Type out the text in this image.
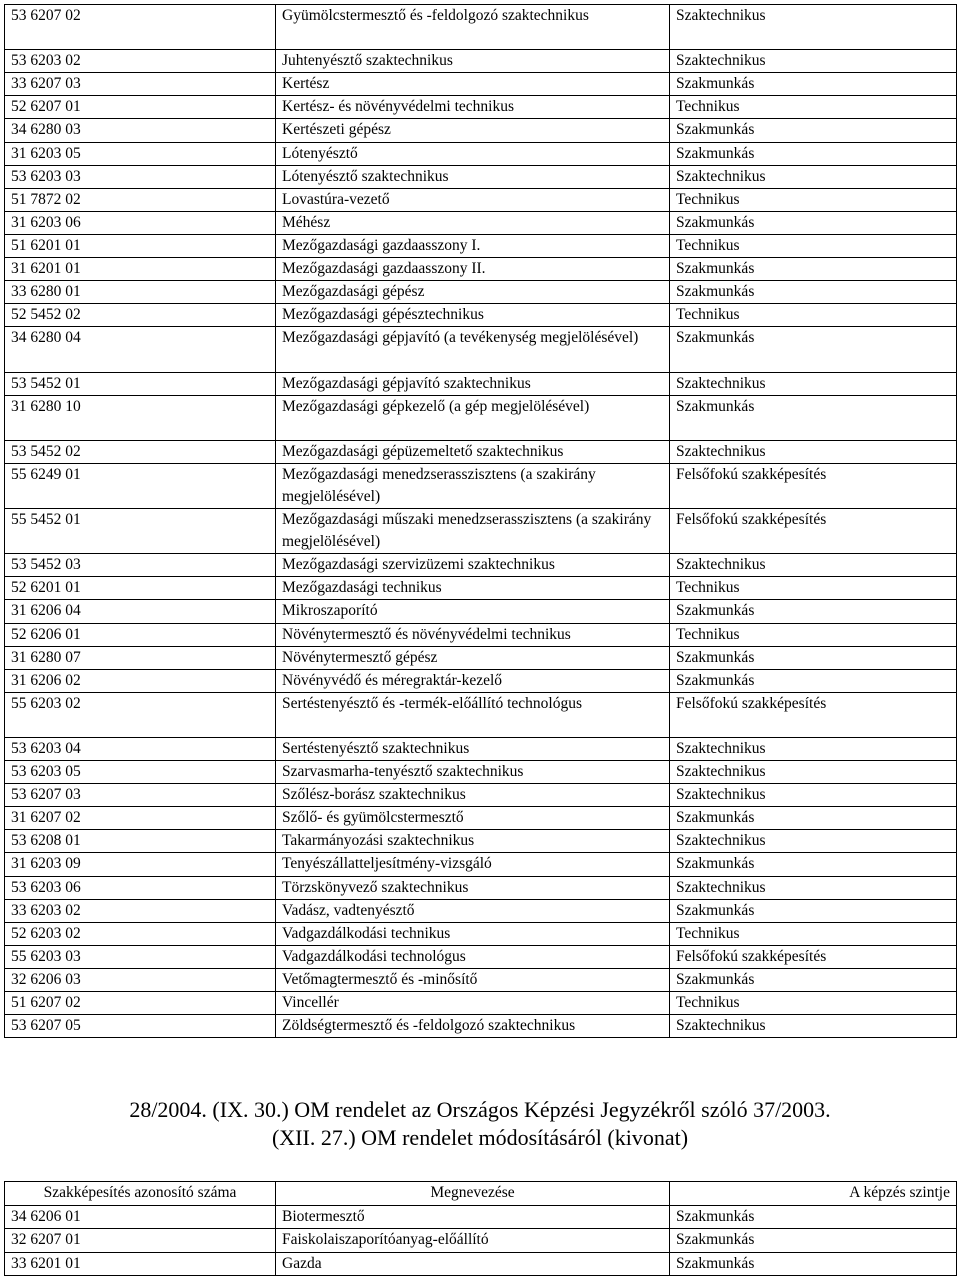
53 6207 02	Gyümölcstermesztő és -feldolgozó szaktechnikus	Szaktechnikus
53 6203 02	Juhtenyésztő szaktechnikus	Szaktechnikus
33 6207 03	Kertész	Szakmunkás
52 6207 01	Kertész- és növényvédelmi technikus	Technikus
34 6280 03	Kertészeti gépész	Szakmunkás
31 6203 05	Lótenyésztő	Szakmunkás
53 6203 03	Lótenyésztő szaktechnikus	Szaktechnikus
51 7872 02	Lovastúra-vezető	Technikus
31 6203 06	Méhész	Szakmunkás
51 6201 01	Mezőgazdasági gazdaasszony I.	Technikus
31 6201 01	Mezőgazdasági gazdaasszony II.	Szakmunkás
33 6280 01	Mezőgazdasági gépész	Szakmunkás
52 5452 02	Mezőgazdasági gépésztechnikus	Technikus
34 6280 04	Mezőgazdasági gépjavító (a tevékenység megjelölésével)	Szakmunkás
53 5452 01	Mezőgazdasági gépjavító szaktechnikus	Szaktechnikus
31 6280 10	Mezőgazdasági gépkezelő (a gép megjelölésével)	Szakmunkás
53 5452 02	Mezőgazdasági gépüzemeltető szaktechnikus	Szaktechnikus
55 6249 01	Mezőgazdasági menedzserasszisztens (a szakirány megjelölésével)	Felsőfokú szakképesítés
55 5452 01	Mezőgazdasági műszaki menedzserasszisztens (a szakirány megjelölésével)	Felsőfokú szakképesítés
53 5452 03	Mezőgazdasági szervizüzemi szaktechnikus	Szaktechnikus
52 6201 01	Mezőgazdasági technikus	Technikus
31 6206 04	Mikroszaporító	Szakmunkás
52 6206 01	Növénytermesztő és növényvédelmi technikus	Technikus
31 6280 07	Növénytermesztő gépész	Szakmunkás
31 6206 02	Növényvédő és méregraktár-kezelő	Szakmunkás
55 6203 02	Sertéstenyésztő és -termék-előállító technológus	Felsőfokú szakképesítés
53 6203 04	Sertéstenyésztő szaktechnikus	Szaktechnikus
53 6203 05	Szarvasmarha-tenyésztő szaktechnikus	Szaktechnikus
53 6207 03	Szőlész-borász szaktechnikus	Szaktechnikus
31 6207 02	Szőlő- és gyümölcstermesztő	Szakmunkás
53 6208 01	Takarmányozási szaktechnikus	Szaktechnikus
31 6203 09	Tenyészállatteljesítmény-vizsgáló	Szakmunkás
53 6203 06	Törzskönyvező szaktechnikus	Szaktechnikus
33 6203 02	Vadász, vadtenyésztő	Szakmunkás
52 6203 02	Vadgazdálkodási technikus	Technikus
55 6203 03	Vadgazdálkodási technológus	Felsőfokú szakképesítés
32 6206 03	Vetőmagtermesztő és -minősítő	Szakmunkás
51 6207 02	Vincellér	Technikus
53 6207 05	Zöldségtermesztő és -feldolgozó szaktechnikus	Szaktechnikus
28/2004. (IX. 30.) OM rendelet az Országos Képzési Jegyzékről szóló 37/2003.
(XII. 27.) OM rendelet módosításáról (kivonat)
Szakképesítés azonosító száma	Megnevezése	A képzés szintje
34 6206 01	Biotermesztő	Szakmunkás
32 6207 01	Faiskolaiszaporítóanyag-előállító	Szakmunkás
33 6201 01	Gazda	Szakmunkás
